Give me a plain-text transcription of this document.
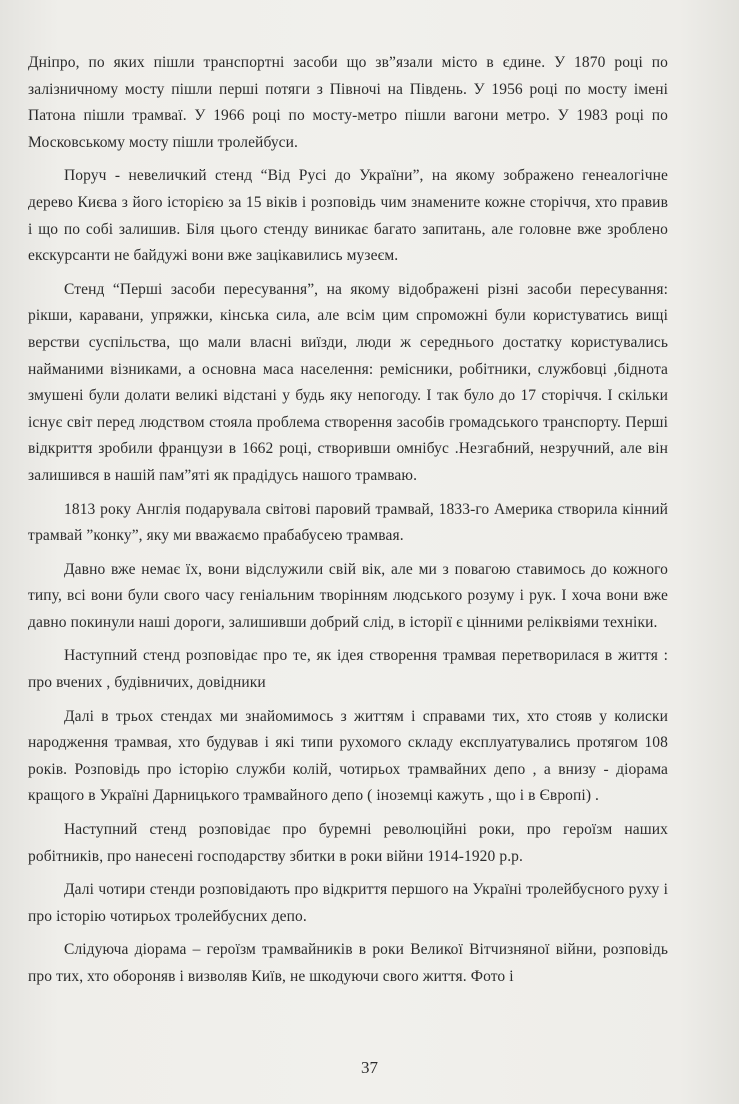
Дніпро, по яких пішли транспортні засоби що зв”язали місто в єдине. У 1870 році по залізничному мосту пішли перші потяги з Півночі на Південь. У 1956 році по мосту імені Патона пішли трамваї. У 1966 році по мосту-метро пішли вагони метро. У 1983 році по Московському мосту пішли тролейбуси.

Поруч - невеличкий стенд “Від Русі до України”, на якому зображено генеалогічне дерево Києва з його історією за 15 віків і розповідь чим знамените кожне сторіччя, хто правив і що по собі залишив. Біля цього стенду виникає багато запитань, але головне вже зроблено екскурсанти не байдужі вони вже зацікавились музеєм.

Стенд “Перші засоби пересування”, на якому відображені різні засоби пересування: рікши, каравани, упряжки, кінська сила, але всім цим спроможні були користуватись вищі верстви суспільства, що мали власні виїзди, люди ж середнього достатку користувались найманими візниками, а основна маса населення: ремісники, робітники, службовці ,біднота змушені були долати великі відстані у будь яку непогоду. І так було до 17 сторіччя. І скільки існує світ перед людством стояла проблема створення засобів громадського транспорту. Перші відкриття зробили французи в 1662 році, створивши омнібус .Незгабний, незручний, але він залишився в нашій пам”яті як прадідусь нашого трамваю.

1813 року Англія подарувала світові паровий трамвай, 1833-го Америка створила кінний трамвай ”конку”, яку ми вважаємо прабабусею трамвая.

Давно вже немає їх, вони відслужили свій вік, але ми з повагою ставимось до кожного типу, всі вони були свого часу геніальним творінням людського розуму і рук. І хоча вони вже давно покинули наші дороги, залишивши добрий слід, в історії є цінними реліквіями техніки.

Наступний стенд розповідає про те, як ідея створення трамвая перетворилася в життя : про вчених , будівничих, довідники

Далі в трьох стендах ми знайомимось з життям і справами тих, хто стояв у колиски народження трамвая, хто будував і які типи рухомого складу експлуатувались протягом 108 років. Розповідь про історію служби колій, чотирьох трамвайних депо , а внизу - діорама кращого в Україні Дарницького трамвайного депо ( іноземці кажуть , що і в Європі) .

Наступний стенд розповідає про буремні революційні роки, про героїзм наших робітників, про нанесені господарству збитки в роки війни 1914-1920 р.р.

Далі чотири стенди розповідають про відкриття першого на Україні тролейбусного руху і про історію чотирьох тролейбусних депо.

Слідуюча діорама – героїзм трамвайників в роки Великої Вітчизняної війни, розповідь про тих, хто обороняв і визволяв Київ, не шкодуючи свого життя. Фото і

37
